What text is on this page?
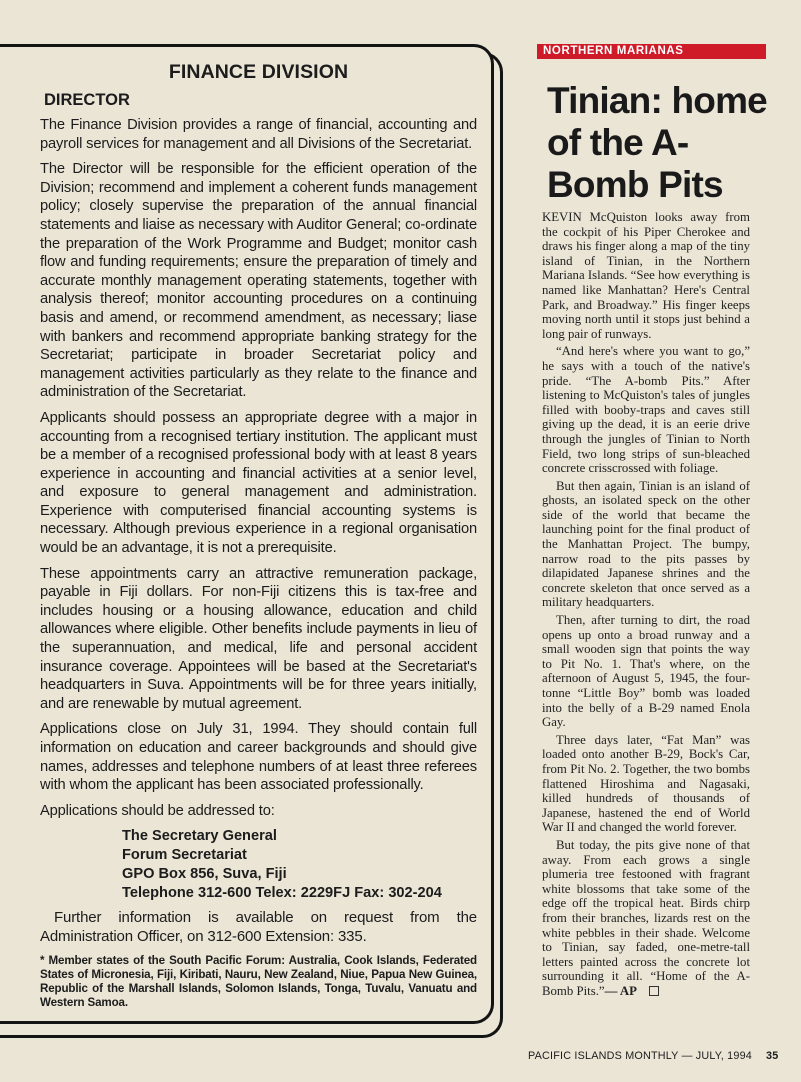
FINANCE DIVISION
DIRECTOR

The Finance Division provides a range of financial, accounting and payroll services for management and all Divisions of the Secretariat.

The Director will be responsible for the efficient operation of the Division; recommend and implement a coherent funds management policy; closely supervise the preparation of the annual financial statements and liaise as necessary with Auditor General; co-ordinate the preparation of the Work Programme and Budget; monitor cash flow and funding requirements; ensure the preparation of timely and accurate monthly management operating statements, together with analysis thereof; monitor accounting procedures on a continuing basis and amend, or recommend amendment, as necessary; liase with bankers and recommend appropriate banking strategy for the Secretariat; participate in broader Secretariat policy and management activities particularly as they relate to the finance and administration of the Secretariat.

Applicants should possess an appropriate degree with a major in accounting from a recognised tertiary institution. The applicant must be a member of a recognised professional body with at least 8 years experience in accounting and financial activities at a senior level, and exposure to general management and administration. Experience with computerised financial accounting systems is necessary. Although previous experience in a regional organisation would be an advantage, it is not a prerequisite.

These appointments carry an attractive remuneration package, payable in Fiji dollars. For non-Fiji citizens this is tax-free and includes housing or a housing allowance, education and child allowances where eligible. Other benefits include payments in lieu of the superannuation, and medical, life and personal accident insurance coverage. Appointees will be based at the Secretariat's headquarters in Suva. Appointments will be for three years initially, and are renewable by mutual agreement.

Applications close on July 31, 1994. They should contain full information on education and career backgrounds and should give names, addresses and telephone numbers of at least three referees with whom the applicant has been associated professionally.

Applications should be addressed to:

The Secretary General
Forum Secretariat
GPO Box 856, Suva, Fiji
Telephone 312-600 Telex: 2229FJ Fax: 302-204

Further information is available on request from the Administration Officer, on 312-600 Extension: 335.

* Member states of the South Pacific Forum: Australia, Cook Islands, Federated States of Micronesia, Fiji, Kiribati, Nauru, New Zealand, Niue, Papua New Guinea, Republic of the Marshall Islands, Solomon Islands, Tonga, Tuvalu, Vanuatu and Western Samoa.

NORTHERN MARIANAS
Tinian: home of the A-Bomb Pits

KEVIN McQuiston looks away from the cockpit of his Piper Cherokee and draws his finger along a map of the tiny island of Tinian, in the Northern Mariana Islands. “See how everything is named like Manhattan? Here's Central Park, and Broadway.” His finger keeps moving north until it stops just behind a long pair of runways.

“And here's where you want to go,” he says with a touch of the native's pride. “The A-bomb Pits.” After listening to McQuiston's tales of jungles filled with booby-traps and caves still giving up the dead, it is an eerie drive through the jungles of Tinian to North Field, two long strips of sun-bleached concrete crisscrossed with foliage.

But then again, Tinian is an island of ghosts, an isolated speck on the other side of the world that became the launching point for the final product of the Manhattan Project. The bumpy, narrow road to the pits passes by dilapidated Japanese shrines and the concrete skeleton that once served as a military headquarters.

Then, after turning to dirt, the road opens up onto a broad runway and a small wooden sign that points the way to Pit No. 1. That's where, on the afternoon of August 5, 1945, the four-tonne “Little Boy” bomb was loaded into the belly of a B-29 named Enola Gay.

Three days later, “Fat Man” was loaded onto another B-29, Bock's Car, from Pit No. 2. Together, the two bombs flattened Hiroshima and Nagasaki, killed hundreds of thousands of Japanese, hastened the end of World War II and changed the world forever.

But today, the pits give none of that away. From each grows a single plumeria tree festooned with fragrant white blossoms that take some of the edge off the tropical heat. Birds chirp from their branches, lizards rest on the white pebbles in their shade. Welcome to Tinian, say faded, one-metre-tall letters painted across the concrete lot surrounding it all. “Home of the A-Bomb Pits.”— AP

PACIFIC ISLANDS MONTHLY — JULY, 1994 35
